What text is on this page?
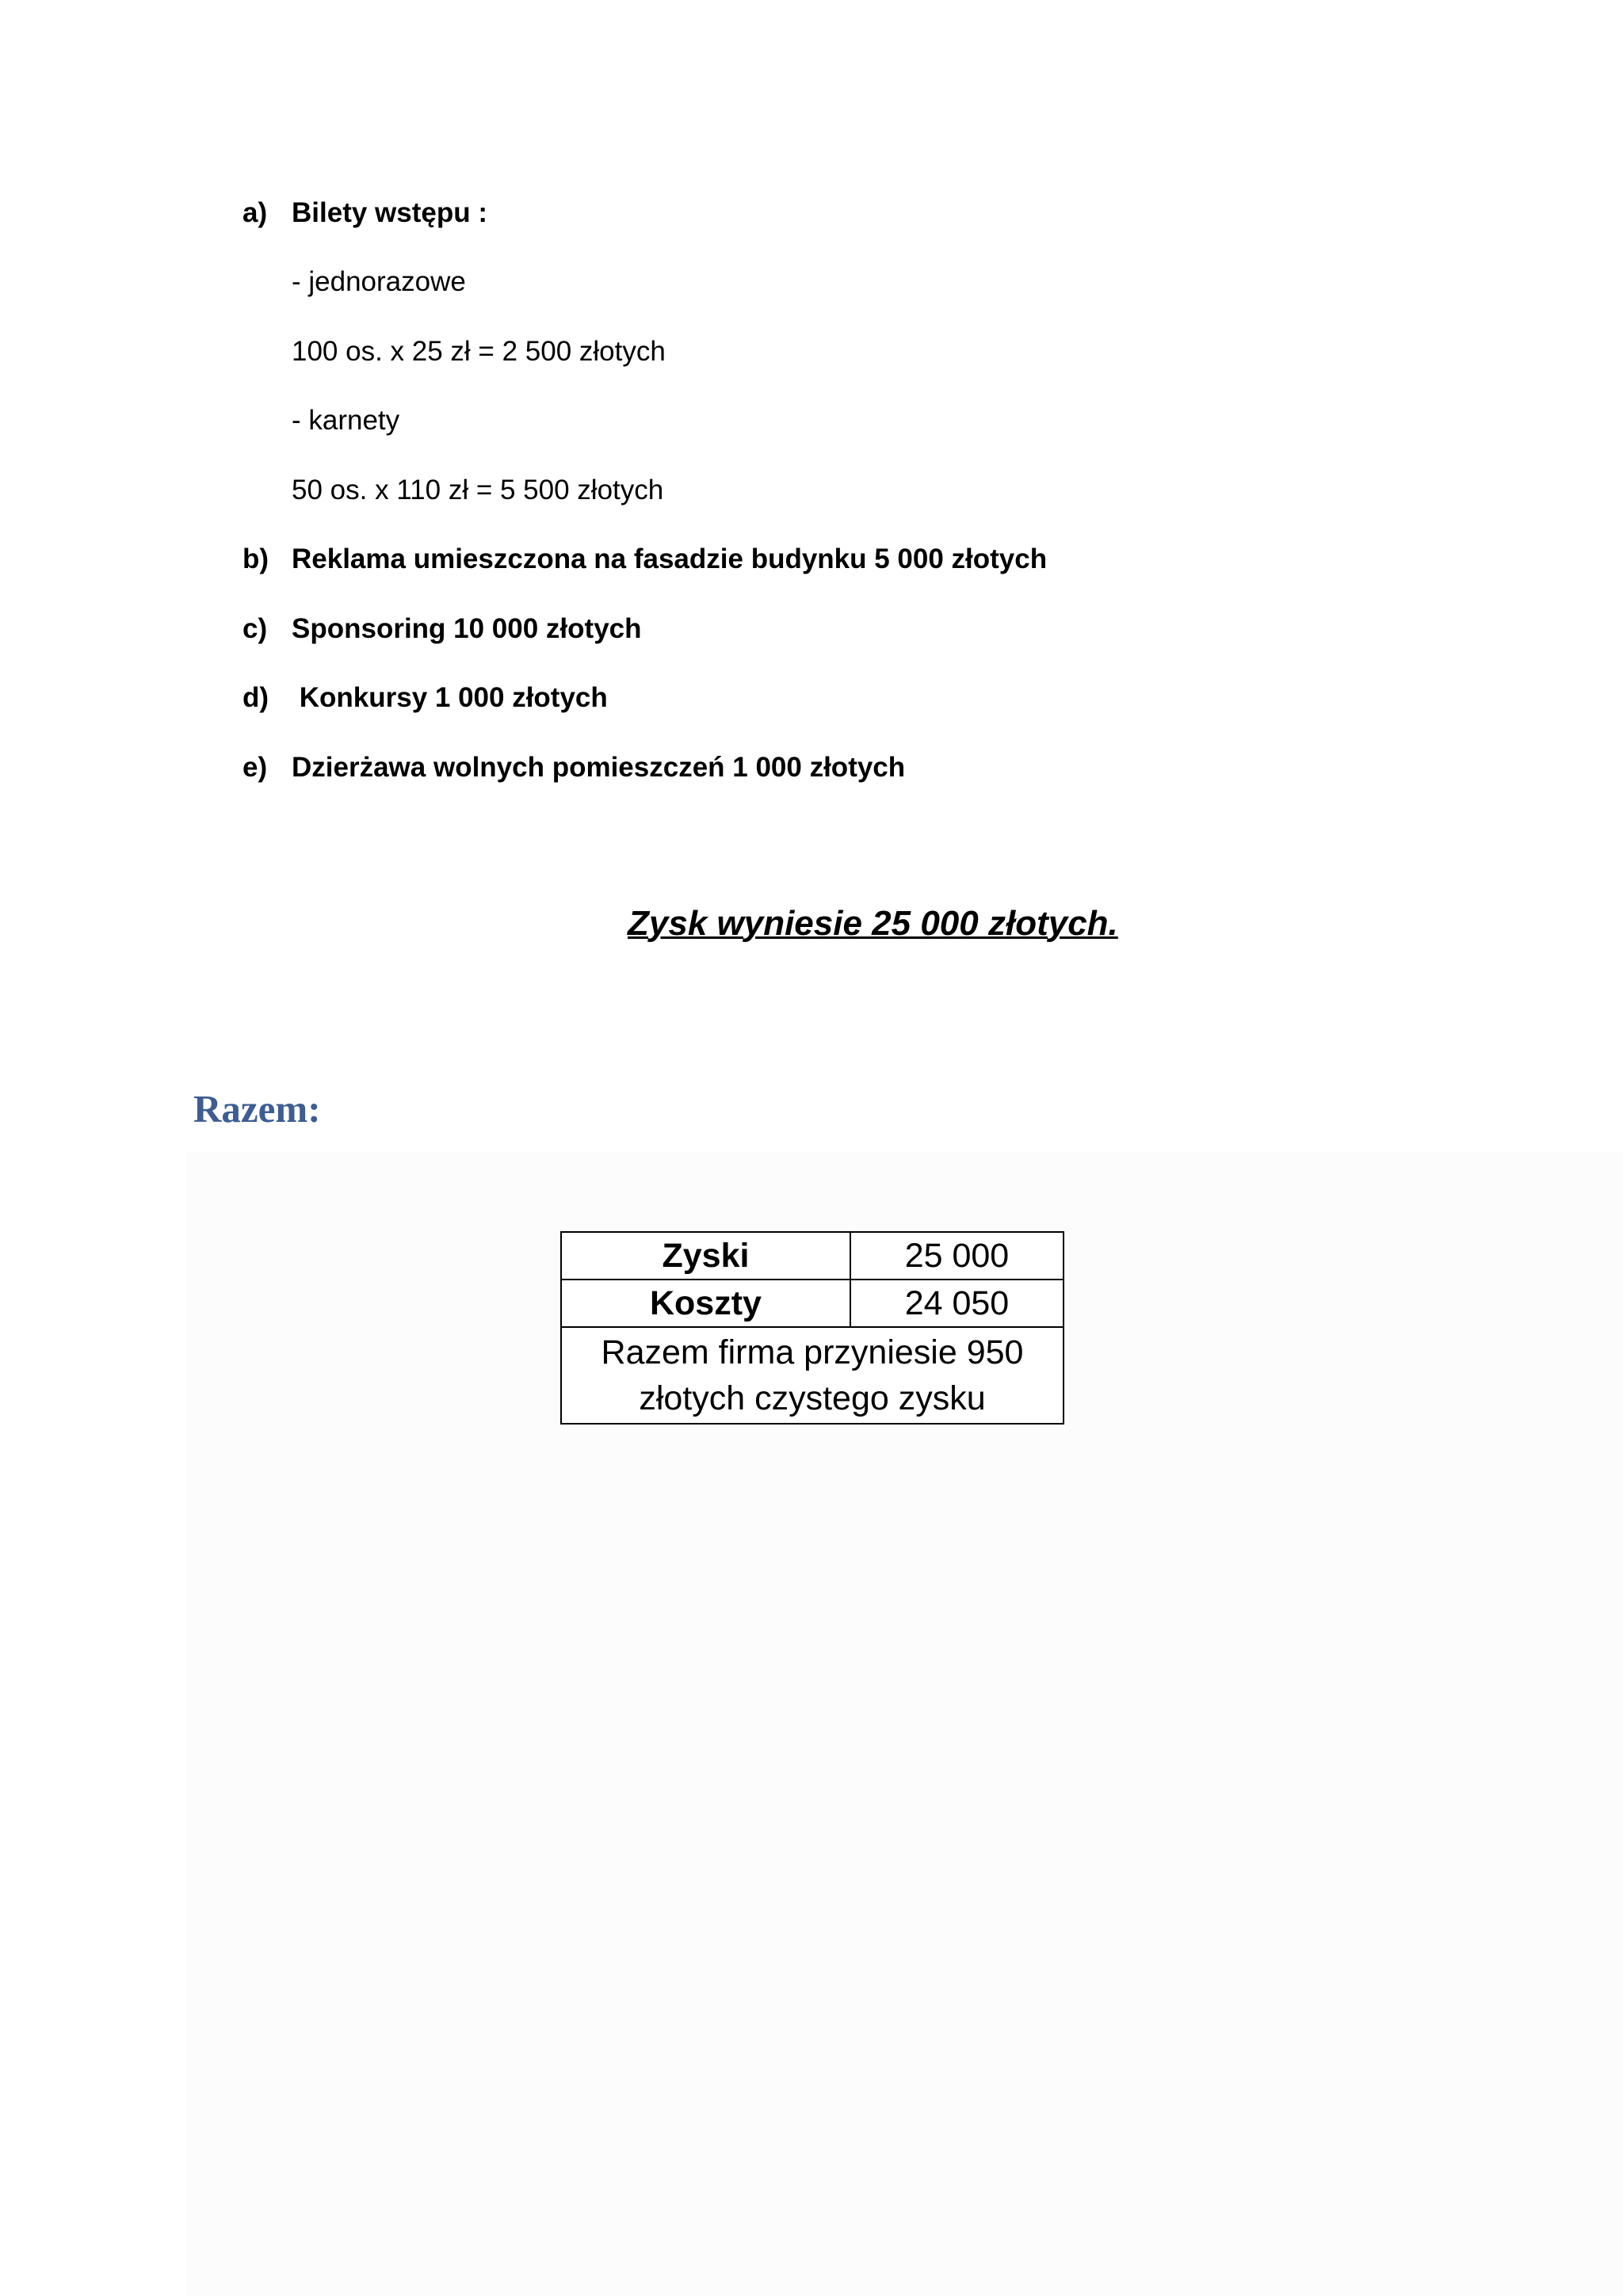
a) Bilety wstępu :
- jednorazowe
100 os. x 25 zł = 2 500 złotych
- karnety
50 os. x 110 zł = 5 500 złotych
b) Reklama umieszczona na fasadzie budynku 5 000 złotych
c) Sponsoring 10 000 złotych
d) Konkursy 1 000 złotych
e) Dzierżawa wolnych pomieszczeń 1 000 złotych
Zysk wyniesie 25 000 złotych.
Razem:
Zyski	25 000
Koszty	24 050

Razem firma przyniesie 950
złotych czystego zysku	
